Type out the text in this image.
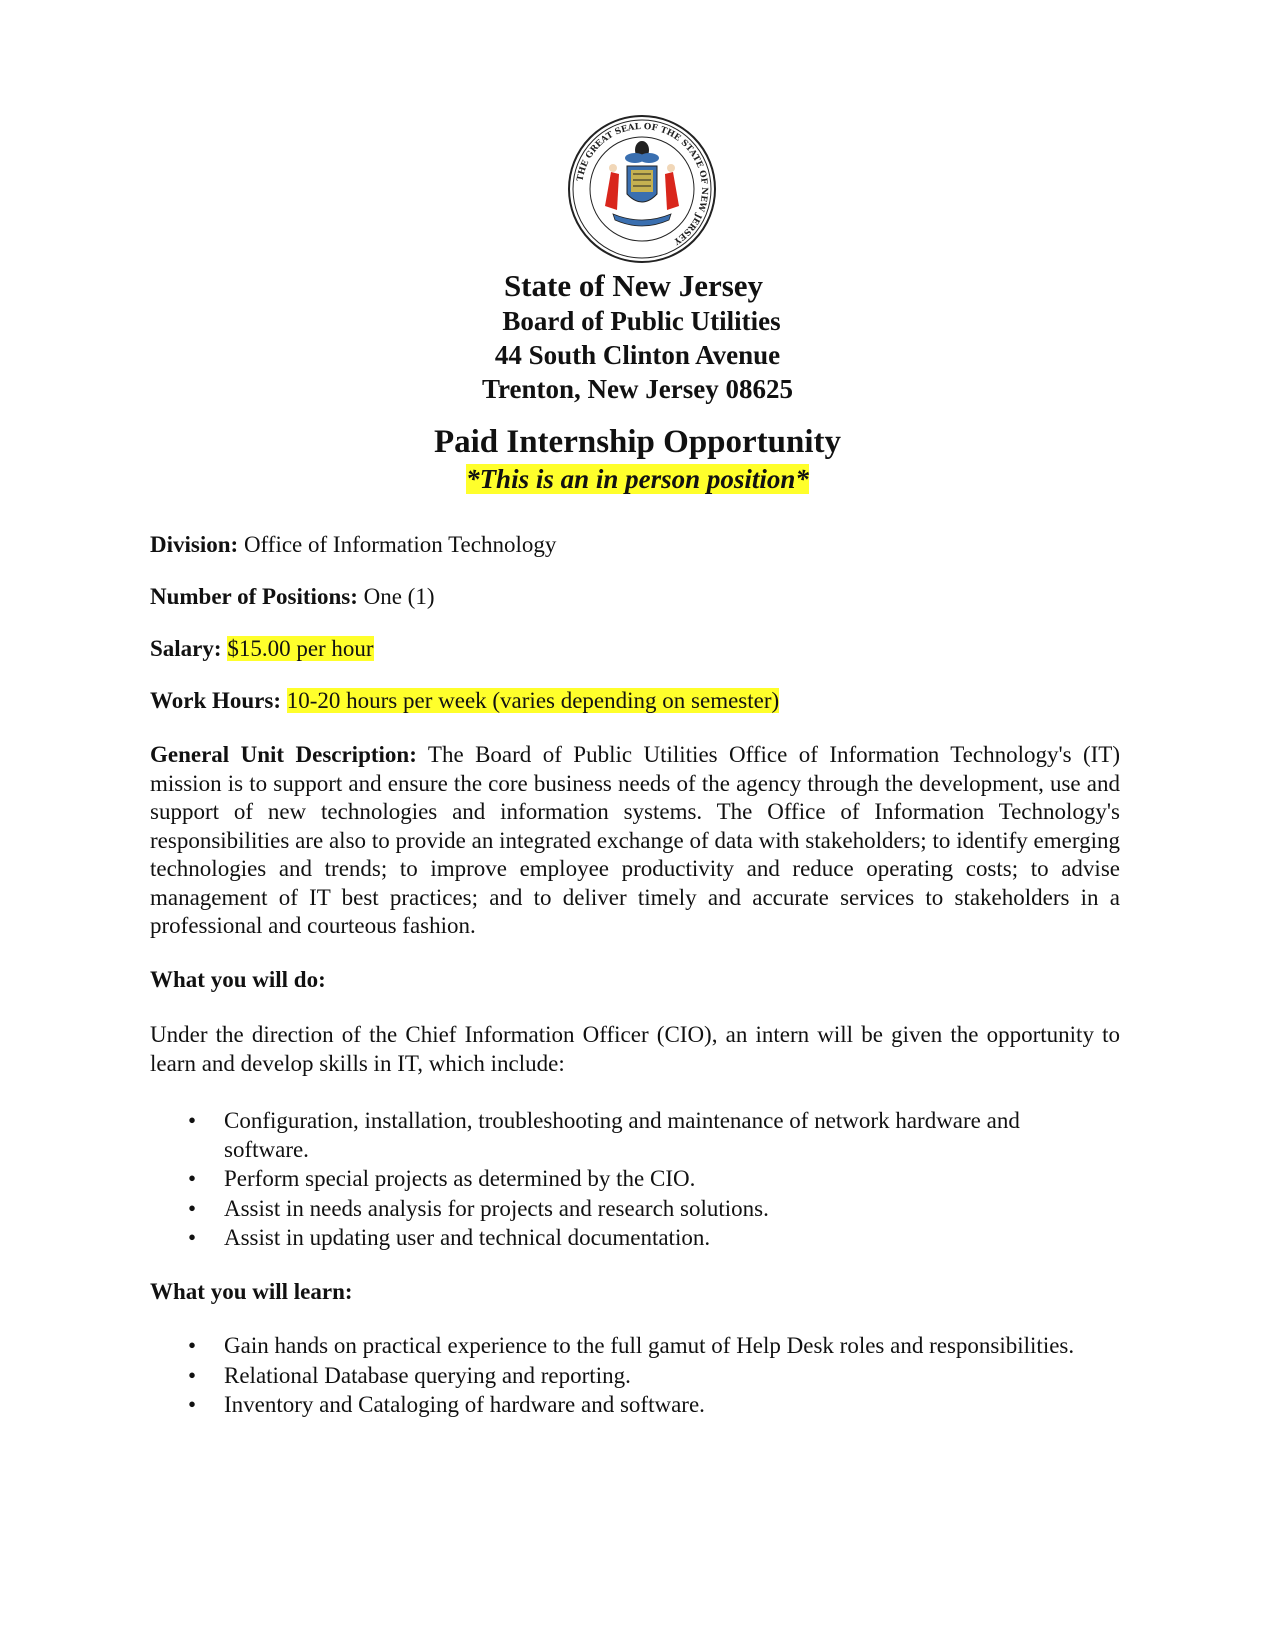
THE GREAT SEAL OF THE STATE OF NEW JERSEY
State of New Jersey
Board of Public Utilities
44 South Clinton Avenue
Trenton, New Jersey 08625
Paid Internship Opportunity
*This is an in person position*
Division: Office of Information Technology
Number of Positions: One (1)
Salary: $15.00 per hour
Work Hours: 10-20 hours per week (varies depending on semester)
General Unit Description: The Board of Public Utilities Office of Information Technology's (IT) mission is to support and ensure the core business needs of the agency through the development, use and support of new technologies and information systems. The Office of Information Technology's responsibilities are also to provide an integrated exchange of data with stakeholders; to identify emerging technologies and trends; to improve employee productivity and reduce operating costs; to advise management of IT best practices; and to deliver timely and accurate services to stakeholders in a professional and courteous fashion.
What you will do:
Under the direction of the Chief Information Officer (CIO), an intern will be given the opportunity to learn and develop skills in IT, which include:
• Configuration, installation, troubleshooting and maintenance of network hardware and software.
• Perform special projects as determined by the CIO.
• Assist in needs analysis for projects and research solutions.
• Assist in updating user and technical documentation.
What you will learn:
• Gain hands on practical experience to the full gamut of Help Desk roles and responsibilities.
• Relational Database querying and reporting.
• Inventory and Cataloging of hardware and software.
